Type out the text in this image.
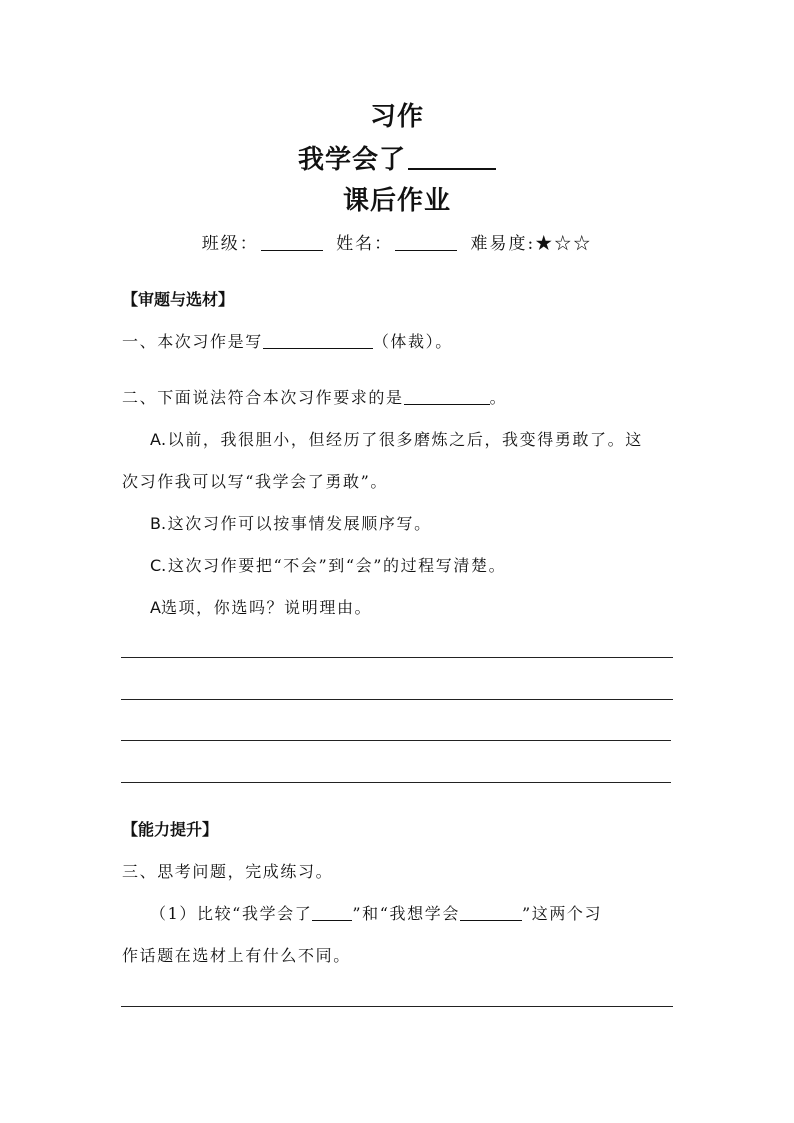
习作
我学会了
课后作业
班级：	姓名：	难易度:★☆☆
【审题与选材】
一、本次习作是写	（体裁）。
二、下面说法符合本次习作要求的是	。
A.以前，我很胆小，但经历了很多磨炼之后，我变得勇敢了。这
次习作我可以写“我学会了勇敢”。
B.这次习作可以按事情发展顺序写。
C.这次习作要把“不会”到“会”的过程写清楚。
A选项，你选吗？说明理由。
【能力提升】
三、思考问题，完成练习。
（1）比较“我学会了	”和“我想学会	”这两个习
作话题在选材上有什么不同。
